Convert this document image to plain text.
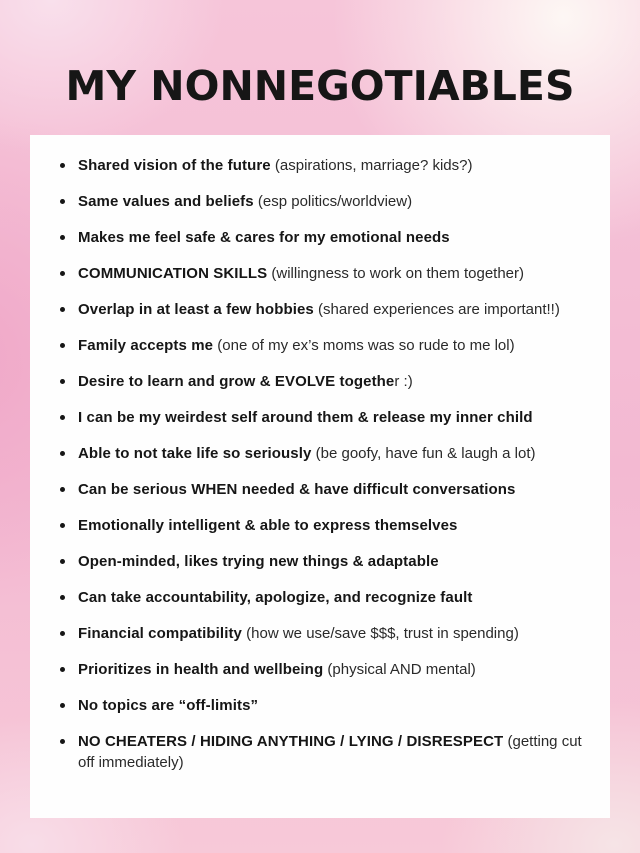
MY NONNEGOTIABLES
Shared vision of the future (aspirations, marriage? kids?)
Same values and beliefs (esp politics/worldview)
Makes me feel safe & cares for my emotional needs
COMMUNICATION SKILLS (willingness to work on them together)
Overlap in at least a few hobbies (shared experiences are important!!)
Family accepts me (one of my ex’s moms was so rude to me lol)
Desire to learn and grow & EVOLVE together :)
I can be my weirdest self around them & release my inner child
Able to not take life so seriously (be goofy, have fun & laugh a lot)
Can be serious WHEN needed & have difficult conversations
Emotionally intelligent & able to express themselves
Open-minded, likes trying new things & adaptable
Can take accountability, apologize, and recognize fault
Financial compatibility (how we use/save $$$, trust in spending)
Prioritizes in health and wellbeing (physical AND mental)
No topics are “off-limits”
NO CHEATERS / HIDING ANYTHING / LYING / DISRESPECT (getting cut off immediately)
